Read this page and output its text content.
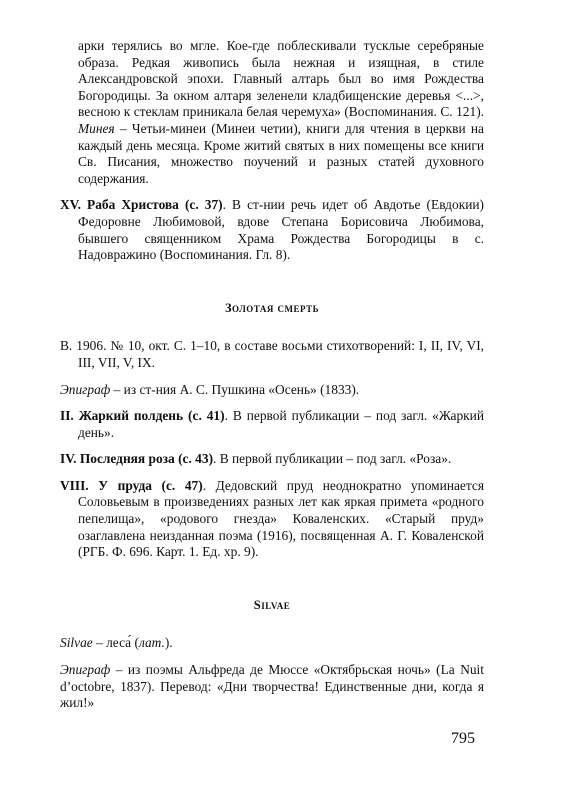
арки терялись во мгле. Кое-где поблескивали тусклые серебряные образа. Редкая живопись была нежная и изящная, в стиле Александровской эпохи. Главный алтарь был во имя Рождества Богородицы. За окном алтаря зеленели кладбищенские деревья <...>, весною к стеклам приникала белая черемуха» (Воспоминания. С. 121). Минея – Четьи-минеи (Минеи четии), книги для чтения в церкви на каждый день месяца. Кроме житий святых в них помещены все книги Св. Писания, множество поучений и разных статей духовного содержания.

XV. Раба Христова (с. 37). В ст-нии речь идет об Авдотье (Евдокии) Федоровне Любимовой, вдове Степана Борисовича Любимова, бывшего священником Храма Рождества Богородицы в с. Надовражино (Воспоминания. Гл. 8).

Золотая смерть

В. 1906. № 10, окт. С. 1–10, в составе восьми стихотворений: I, II, IV, VI, III, VII, V, IX.

Эпиграф – из ст-ния А. С. Пушкина «Осень» (1833).

II. Жаркий полдень (с. 41). В первой публикации – под загл. «Жаркий день».

IV. Последняя роза (с. 43). В первой публикации – под загл. «Роза».

VIII. У пруда (с. 47). Дедовский пруд неоднократно упоминается Соловьевым в произведениях разных лет как яркая примета «родного пепелища», «родового гнезда» Коваленских. «Старый пруд» озаглавлена неизданная поэма (1916), посвященная А. Г. Коваленской (РГБ. Ф. 696. Карт. 1. Ед. хр. 9).

Silvae

Silvae – леса́ (лат.).

Эпиграф – из поэмы Альфреда де Мюссе «Октябрьская ночь» (La Nuit d’octobre, 1837). Перевод: «Дни творчества! Единственные дни, когда я жил!»

795
